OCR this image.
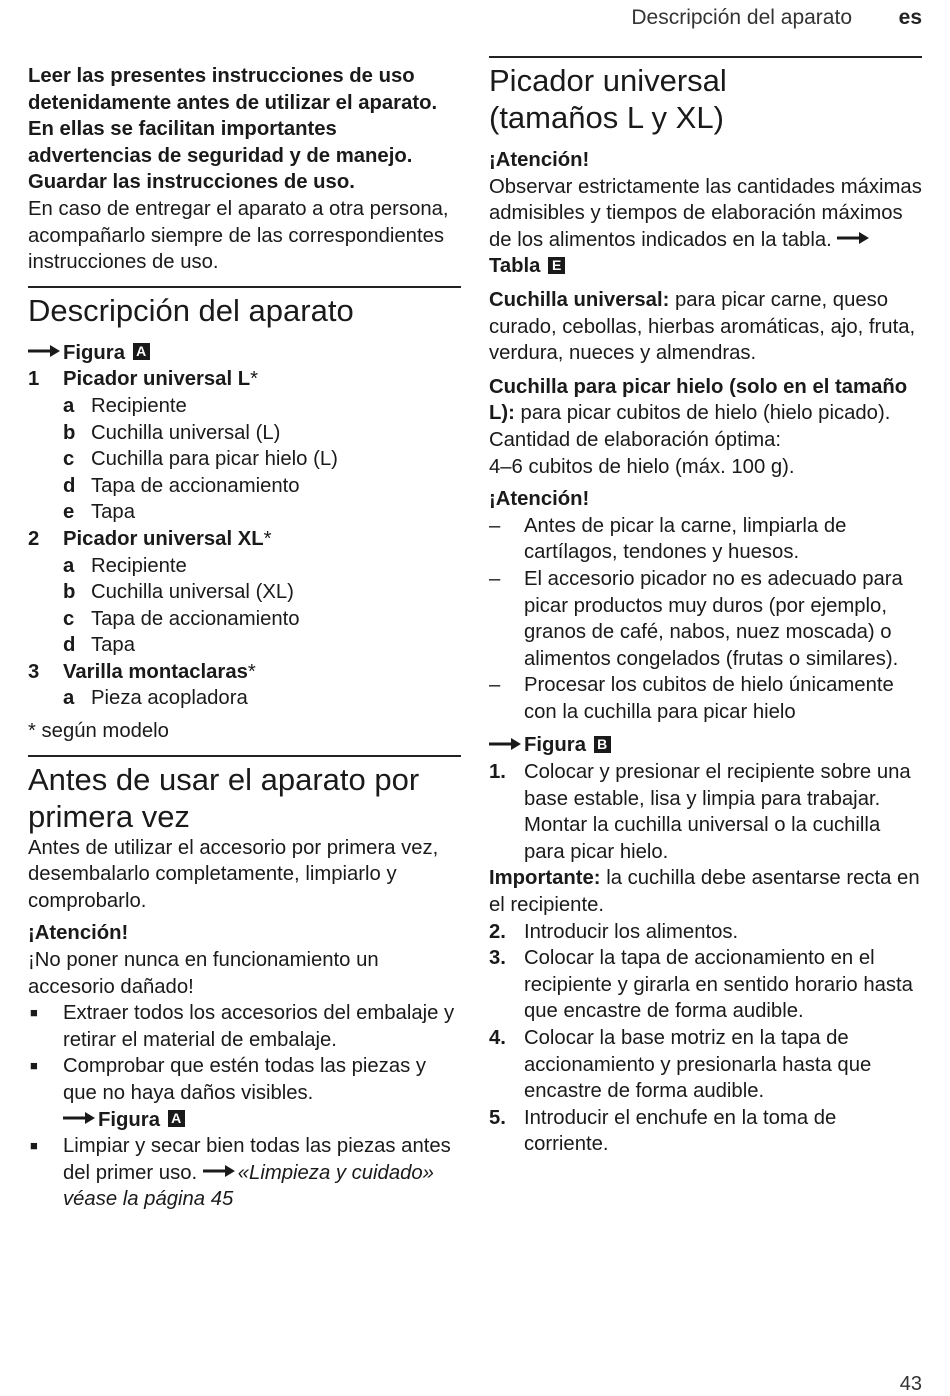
Descripción del aparato es

Leer las presentes instrucciones de uso detenidamente antes de utilizar el aparato. En ellas se facilitan importantes advertencias de seguridad y de manejo. Guardar las instrucciones de uso.

En caso de entregar el aparato a otra persona, acompañarlo siempre de las correspondientes instrucciones de uso.

Descripción del aparato

Figura A

1 Picador universal L*
a Recipiente
b Cuchilla universal (L)
c Cuchilla para picar hielo (L)
d Tapa de accionamiento
e Tapa
2 Picador universal XL*
a Recipiente
b Cuchilla universal (XL)
c Tapa de accionamiento
d Tapa
3 Varilla montaclaras*
a Pieza acopladora

* según modelo

Antes de usar el aparato por
primera vez

Antes de utilizar el accesorio por primera vez, desembalarlo completamente, limpiarlo y comprobarlo.

¡Atención!

¡No poner nunca en funcionamiento un accesorio dañado!

■ Extraer todos los accesorios del embalaje y retirar el material de embalaje.
■ Comprobar que estén todas las piezas y que no haya daños visibles.
Figura A
■ Limpiar y secar bien todas las piezas antes del primer uso. «Limpieza y cuidado» véase la página 45
Picador universal
(tamaños L y XL)

¡Atención!

Observar estrictamente las cantidades máximas admisibles y tiempos de elaboración máximos de los alimentos indicados en la tabla. Tabla E

Cuchilla universal: para picar carne, queso curado, cebollas, hierbas aromáticas, ajo, fruta, verdura, nueces y almendras.

Cuchilla para picar hielo (solo en el tamaño L): para picar cubitos de hielo (hielo picado).

Cantidad de elaboración óptima:

4–6 cubitos de hielo (máx. 100 g).

¡Atención!

– Antes de picar la carne, limpiarla de cartílagos, tendones y huesos.
– El accesorio picador no es adecuado para picar productos muy duros (por ejemplo, granos de café, nabos, nuez moscada) o alimentos congelados (frutas o similares).
– Procesar los cubitos de hielo únicamente con la cuchilla para picar hielo

Figura B

1. Colocar y presionar el recipiente sobre una base estable, lisa y limpia para trabajar. Montar la cuchilla universal o la cuchilla para picar hielo.

Importante: la cuchilla debe asentarse recta en el recipiente.

2. Introducir los alimentos.
3. Colocar la tapa de accionamiento en el recipiente y girarla en sentido horario hasta que encastre de forma audible.
4. Colocar la base motriz en la tapa de accionamiento y presionarla hasta que encastre de forma audible.
5. Introducir el enchufe en la toma de corriente.
43
